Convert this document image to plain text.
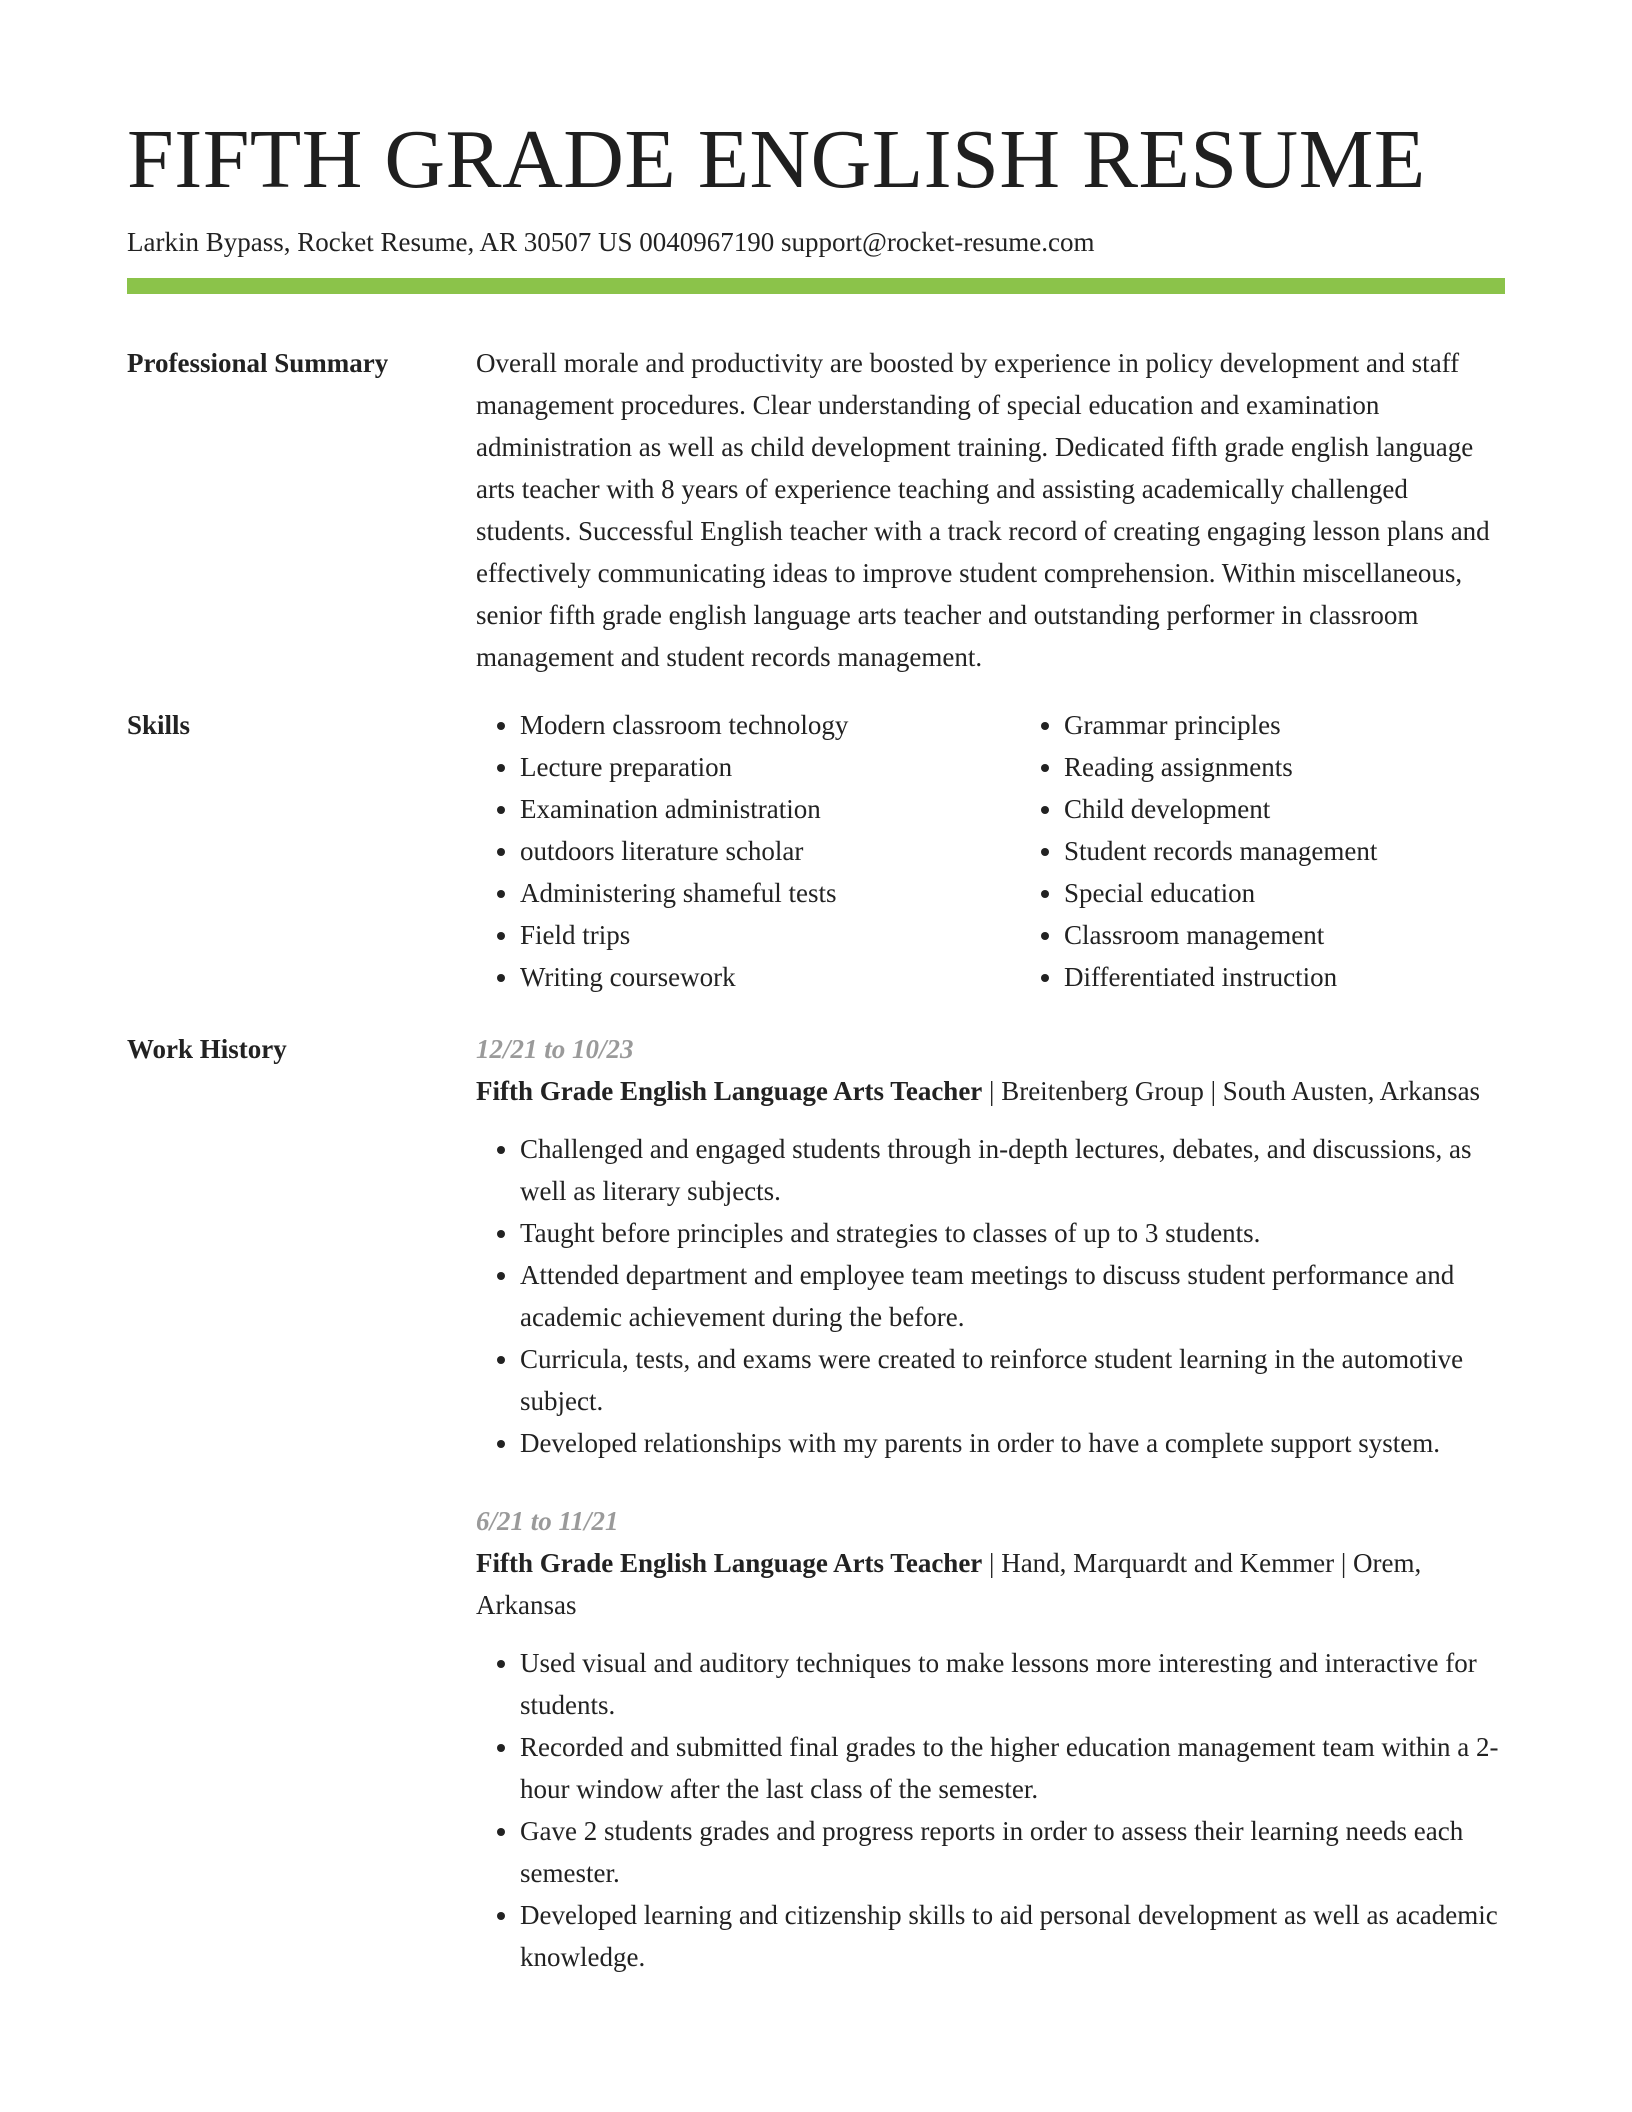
FIFTH GRADE ENGLISH RESUME
Larkin Bypass, Rocket Resume, AR 30507 US 0040967190 support@rocket-resume.com
Professional Summary	Overall morale and productivity are boosted by experience in policy development and staff management procedures. Clear understanding of special education and examination administration as well as child development training. Dedicated fifth grade english language arts teacher with 8 years of experience teaching and assisting academically challenged students. Successful English teacher with a track record of creating engaging lesson plans and effectively communicating ideas to improve student comprehension. Within miscellaneous, senior fifth grade english language arts teacher and outstanding performer in classroom management and student records management.

Skills
•	Modern classroom technology
• Lecture preparation
• Examination administration
• outdoors literature scholar
• Administering shameful tests
• Field trips
• Writing coursework
• Grammar principles
• Reading assignments
• Child development
• Student records management
• Special education
• Classroom management
• Differentiated instruction
Work History	12/21 to 10/23
Fifth Grade English Language Arts Teacher | Breitenberg Group | South Austen, Arkansas
• Challenged and engaged students through in-depth lectures, debates, and discussions, as well as literary subjects.
• Taught before principles and strategies to classes of up to 3 students.
• Attended department and employee team meetings to discuss student performance and academic achievement during the before.
• Curricula, tests, and exams were created to reinforce student learning in the automotive subject.
• Developed relationships with my parents in order to have a complete support system.
6/21 to 11/21
Fifth Grade English Language Arts Teacher | Hand, Marquardt and Kemmer | Orem, Arkansas
• Used visual and auditory techniques to make lessons more interesting and interactive for students.
• Recorded and submitted final grades to the higher education management team within a 2-hour window after the last class of the semester.
• Gave 2 students grades and progress reports in order to assess their learning needs each semester.
• Developed learning and citizenship skills to aid personal development as well as academic knowledge.
